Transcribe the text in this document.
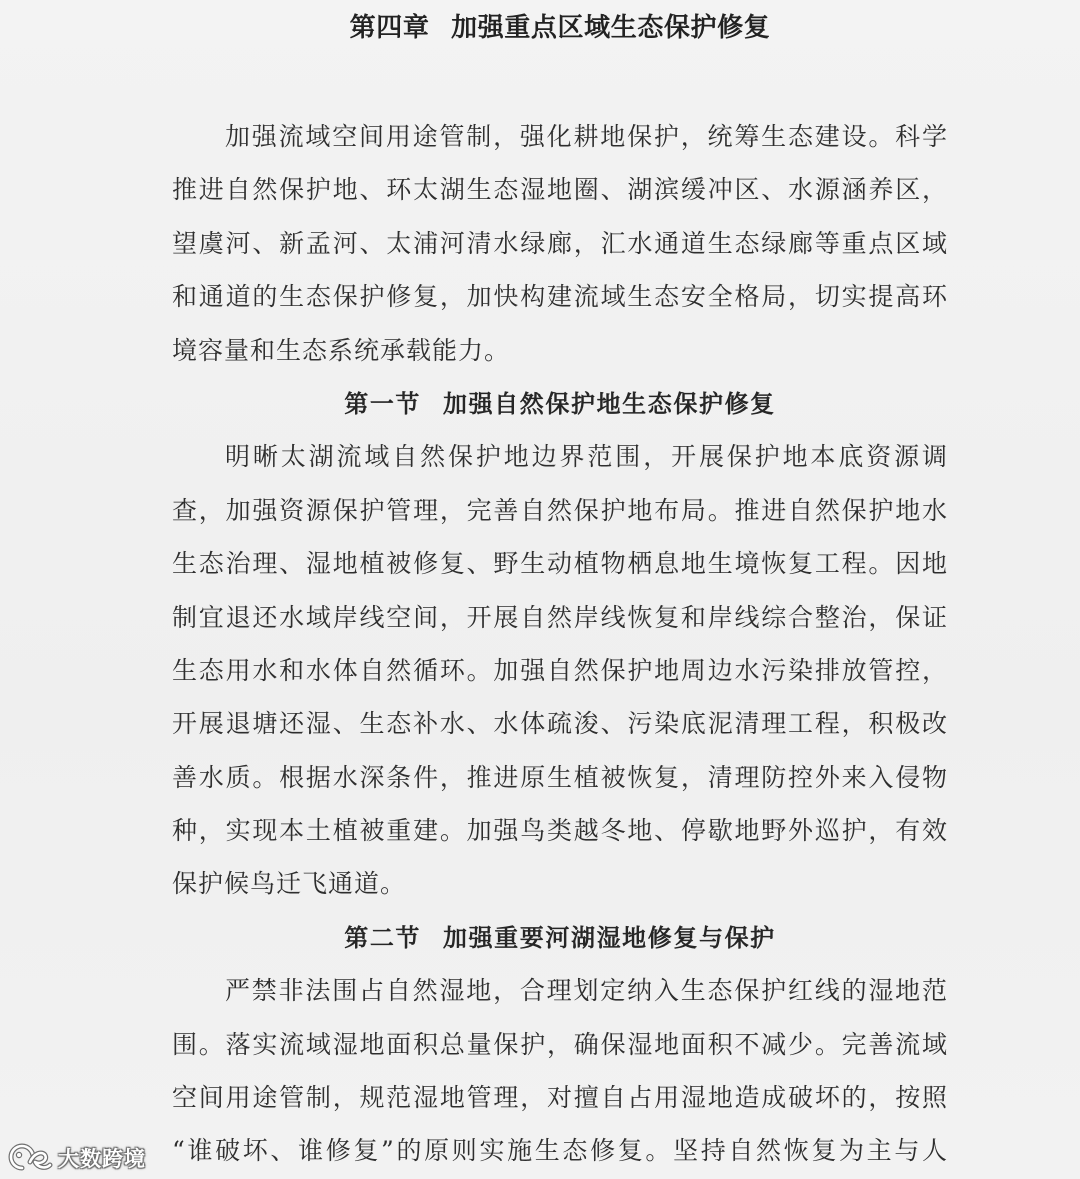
第四章 加强重点区域生态保护修复
加强流域空间用途管制，强化耕地保护，统筹生态建设。科学
推进自然保护地、环太湖生态湿地圈、湖滨缓冲区、水源涵养区，
望虞河、新孟河、太浦河清水绿廊，汇水通道生态绿廊等重点区域
和通道的生态保护修复，加快构建流域生态安全格局，切实提高环
境容量和生态系统承载能力。
第一节 加强自然保护地生态保护修复
明晰太湖流域自然保护地边界范围，开展保护地本底资源调
查，加强资源保护管理，完善自然保护地布局。推进自然保护地水
生态治理、湿地植被修复、野生动植物栖息地生境恢复工程。因地
制宜退还水域岸线空间，开展自然岸线恢复和岸线综合整治，保证
生态用水和水体自然循环。加强自然保护地周边水污染排放管控，
开展退塘还湿、生态补水、水体疏浚、污染底泥清理工程，积极改
善水质。根据水深条件，推进原生植被恢复，清理防控外来入侵物
种，实现本土植被重建。加强鸟类越冬地、停歇地野外巡护，有效
保护候鸟迁飞通道。
第二节 加强重要河湖湿地修复与保护
严禁非法围占自然湿地，合理划定纳入生态保护红线的湿地范
围。落实流域湿地面积总量保护，确保湿地面积不减少。完善流域
空间用途管制，规范湿地管理，对擅自占用湿地造成破坏的，按照
“谁破坏、谁修复”的原则实施生态修复。坚持自然恢复为主与人
大数跨境
